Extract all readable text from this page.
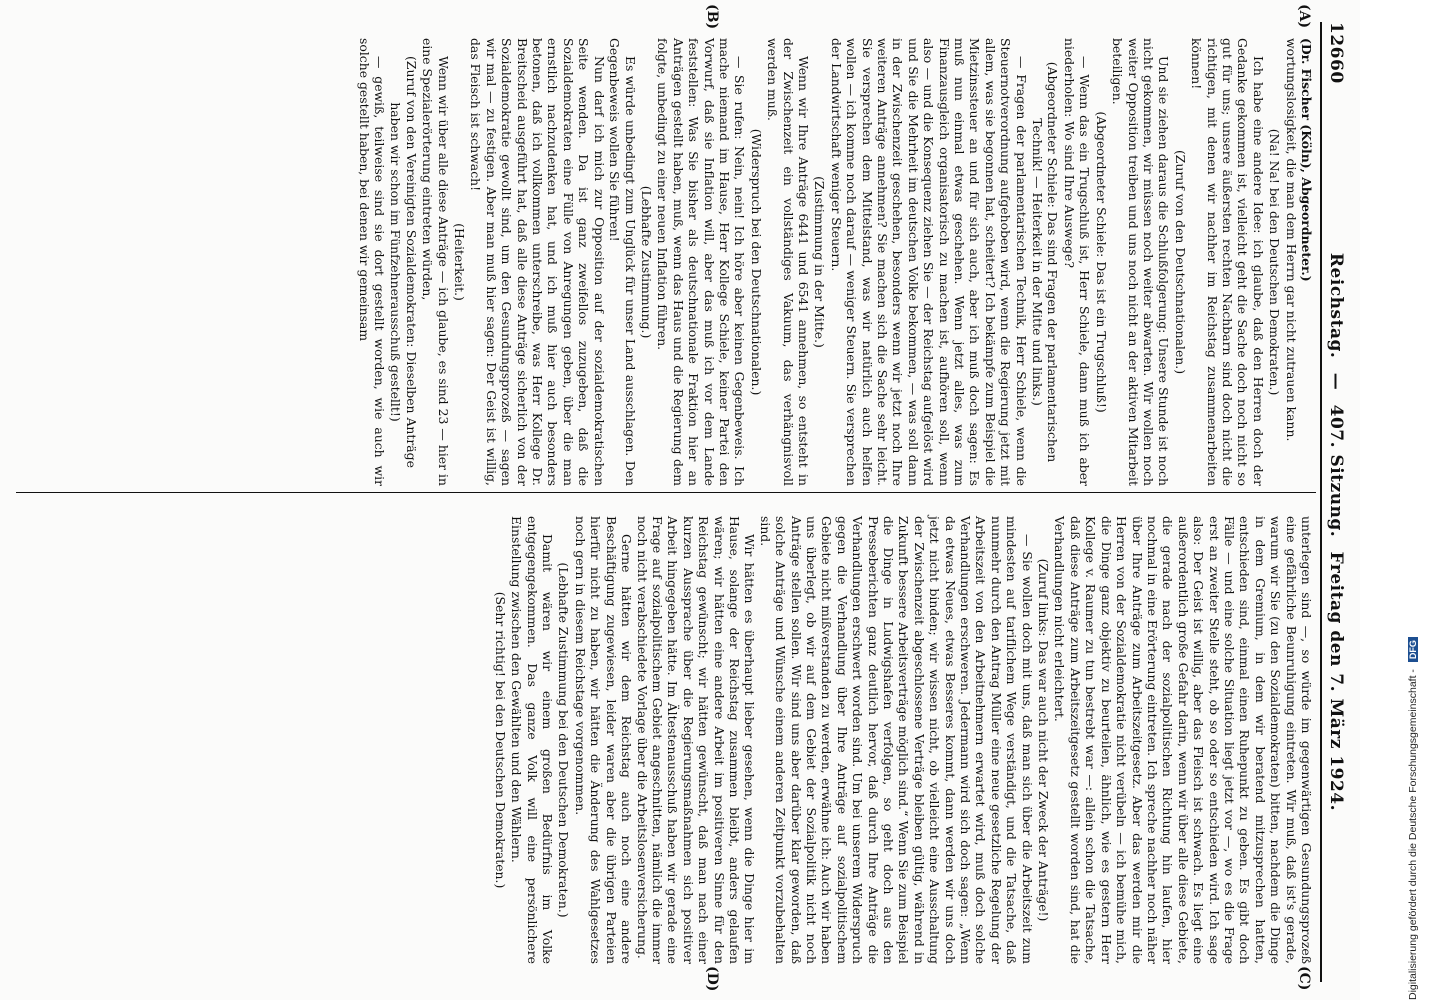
12660
Reichstag. — 407. Sitzung. Freitag den 7. März 1924.
(A)
(B)
(C)
(D)

(Dr. Fischer (Köln), Abgeordneter.)

wortungslosigkeit, die man dem Herrn gar nicht zutrauen kann.

(Na! Na! bei den Deutschen Demokraten.)

Ich habe eine andere Idee: ich glaube, daß den Herren doch der Gedanke gekommen ist, vielleicht geht die Sache doch noch nicht so gut für uns; unsere äußersten rechten Nachbarn sind doch nicht die richtigen, mit denen wir nachher im Reichstag zusammenarbeiten können!

(Zuruf von den Deutschnationalen.)

Und sie ziehen daraus die Schlußfolgerung: Unsere Stunde ist noch nicht gekommen, wir müssen noch weiter abwarten. Wir wollen noch weiter Opposition treiben und uns noch nicht an der aktiven Mitarbeit beteiligen.

(Abgeordneter Schiele: Das ist ein Trugschluß!)

— Wenn das ein Trugschluß ist, Herr Schiele, dann muß ich aber niederholen: Wo sind Ihre Auswege?

(Abgeordneter Schiele: Das sind Fragen der parlamentarischen Technik! — Heiterkeit in der Mitte und links.)

— Fragen der parlamentarischen Technik, Herr Schiele, wenn die Steuernotverordnung aufgehoben wird, wenn die Regierung jetzt mit allem, was sie begonnen hat, scheitert? Ich bekämpfe zum Beispiel die Mietzinssteuer an und für sich auch, aber ich muß doch sagen: Es muß nun einmal etwas geschehen. Wenn jetzt alles, was zum Finanzausgleich organisatorisch zu machen ist, aufhören soll, wenn also — und die Konsequenz ziehen Sie — der Reichstag aufgelöst wird und Sie die Mehrheit im deutschen Volke bekommen, — was soll dann in der Zwischenzeit geschehen, besonders wenn wir jetzt noch Ihre weiteren Anträge annehmen? Sie machen sich die Sache sehr leicht. Sie versprechen dem Mittelstand, was wir natürlich auch helfen wollen — ich komme noch darauf — weniger Steuern. Sie versprechen der Landwirtschaft weniger Steuern.

(Zustimmung in der Mitte.)

Wenn wir Ihre Anträge 6441 und 6541 annehmen, so entsteht in der Zwischenzeit ein vollständiges Vakuum, das verhängnisvoll werden muß.

(Widerspruch bei den Deutschnationalen.)

— Sie rufen: Nein, nein! Ich höre aber keinen Gegenbeweis. Ich mache niemand im Hause, Herr Kollege Schiele, keiner Partei den Vorwurf, daß sie Inflation will, aber das muß ich vor dem Lande feststellen: Was Sie bisher als deutschnationale Fraktion hier an Anträgen gestellt haben, muß, wenn das Haus und die Regierung dem folgte, unbedingt zu einer neuen Inflation führen.

(Lebhafte Zustimmung.)

Es würde unbedingt zum Unglück für unser Land ausschlagen. Den Gegenbeweis wollen Sie führen!

Nun darf ich mich zur Opposition auf der sozialdemokratischen Seite wenden. Da ist ganz zweifellos zuzugeben, daß die Sozialdemokraten eine Fülle von Anregungen geben, über die man ernstlich nachzudenken hat, und ich muß hier auch besonders betonen, daß ich vollkommen unterschreibe, was Herr Kollege Dr. Breitscheid ausgeführt hat, daß alle diese Anträge sicherlich von der Sozialdemokratie gewollt sind, um den Gesundungsprozeß — sagen wir mal — zu festigen. Aber man muß hier sagen: Der Geist ist willig, das Fleisch ist schwach!

(Heiterkeit.)

Wenn wir über alle diese Anträge — ich glaube, es sind 23 — hier in eine Spezialerörterung eintreten würden,

(Zuruf von den Vereinigten Sozialdemokraten: Dieselben Anträge haben wir schon im Fünfzehnerausschuß gestellt!)

— gewiß, teilweise sind sie dort gestellt worden, wie auch wir solche gestellt haben, bei denen wir gemeinsam

unterlegen sind —, so würde im gegenwärtigen Gesundungsprozeß eine gefährliche Beunruhigung eintreten. Wir muß, daß ist's gerade, warum wir Sie (zu den Sozialdemokraten) bitten, nachdem die Dinge in dem Gremium, in dem wir beratend mitzusprechen hatten, entschieden sind, einmal einen Ruhepunkt zu geben. Es gibt doch Fälle — und eine solche Situation liegt jetzt vor —, wo es die Frage erst an zweiter Stelle steht, ob so oder so entschieden wird. Ich sage also: Der Geist ist willig, aber das Fleisch ist schwach. Es liegt eine außerordentlich große Gefahr darin, wenn wir über alle diese Gebiete, die gerade nach der sozialpolitischen Richtung hin laufen, hier nochmal in eine Erörterung eintreten. Ich spreche nachher noch näher über Ihre Anträge zum Arbeitszeitgesetz. Aber das werden mir die Herren von der Sozialdemokratie nicht verübeln — ich bemühe mich, die Dinge ganz objektiv zu beurteilen, ähnlich, wie es gestern Herr Kollege v. Raumer zu tun bestrebt war —: allein schon die Tatsache, daß diese Anträge zum Arbeitszeitgesetz gestellt worden sind, hat die Verhandlungen nicht erleichtert.

(Zuruf links: Das war auch nicht der Zweck der Anträge!)

— Sie wollen doch mit uns, daß man sich über die Arbeitszeit zum mindesten auf tariflichem Wege verständigt, und die Tatsache, daß nunmehr durch den Antrag Müller eine neue gesetzliche Regelung der Arbeitszeit von den Arbeitnehmern erwartet wird, muß doch solche Verhandlungen erschweren. Jedermann wird sich doch sagen: „Wenn da etwas Neues, etwas Besseres kommt, dann werden wir uns doch jetzt nicht binden; wir wissen nicht, ob vielleicht eine Ausschaltung der Zwischenzeit abgeschlossene Verträge bleiben gültig, während in Zukunft bessere Arbeitsverträge möglich sind.“ Wenn Sie zum Beispiel die Dinge in Ludwigshafen verfolgen, so geht doch aus den Presseberichten ganz deutlich hervor, daß durch Ihre Anträge die Verhandlungen erschwert worden sind. Um bei unserem Widerspruch gegen die Verhandlung über Ihre Anträge auf sozialpolitischem Gebiete nicht mißverstanden zu werden, erwähne ich: Auch wir haben uns überlegt, ob wir auf dem Gebiet der Sozialpolitik nicht noch Anträge stellen sollen. Wir sind uns aber darüber klar geworden, daß solche Anträge und Wünsche einem anderen Zeitpunkt vorzubehalten sind.

Wir hätten es überhaupt lieber gesehen, wenn die Dinge hier im Hause, solange der Reichstag zusammen bleibt, anders gelaufen wären; wir hätten eine andere Arbeit im positiveren Sinne für den Reichstag gewünscht; wir hätten gewünscht, daß man nach einer kurzen Aussprache über die Regierungsmaßnahmen sich positiver Arbeit hingegeben hätte. Im Ältestenausschuß haben wir gerade eine Frage auf sozialpolitischem Gebiet angeschnitten, nämlich die immer noch nicht verabschiedete Vorlage über die Arbeitslosenversicherung.

Gerne hätten wir dem Reichstag auch noch eine andere Beschäftigung zugewiesen, leider waren aber die übrigen Parteien hierfür nicht zu haben, wir hätten die Änderung des Wahlgesetzes noch gern in diesem Reichstage vorgenommen.

(Lebhafte Zustimmung bei den Deutschen Demokraten.)

Damit wären wir einem großen Bedürfnis im Volke entgegengekommen. Das ganze Volk will eine persönlichere Einstellung zwischen den Gewählten und den Wählern.

(Sehr richtig! bei den Deutschen Demokraten.)	Digitalisierung gefördert durch die Deutsche Forschungsgemeinschaft - DFG
